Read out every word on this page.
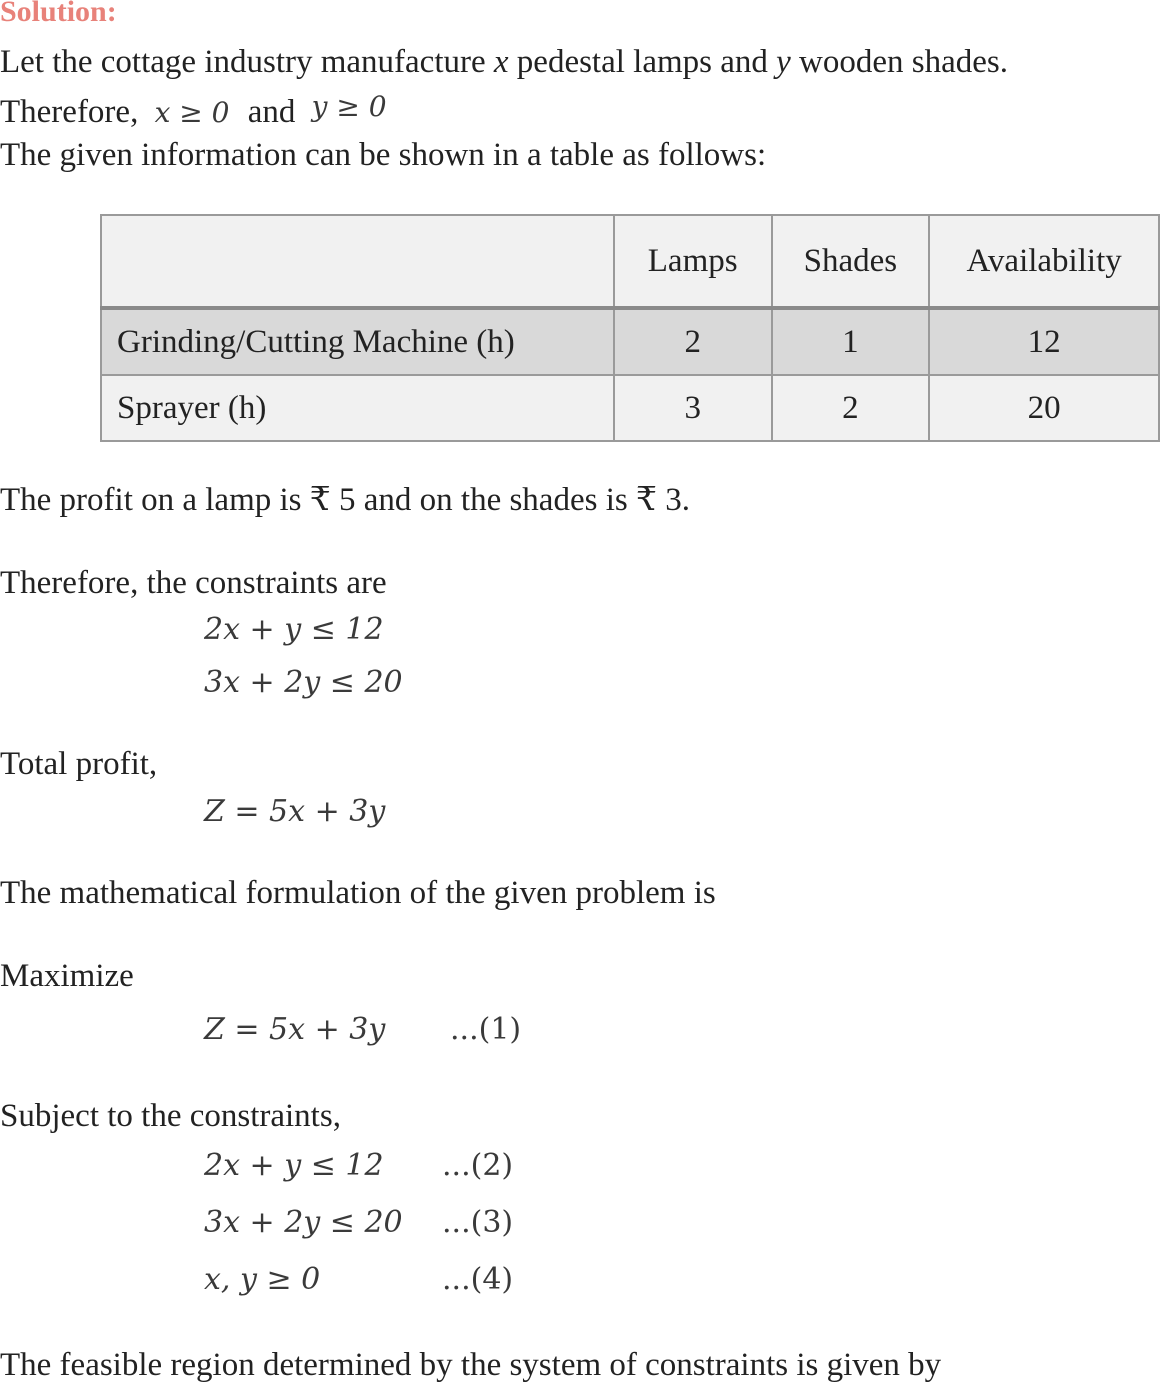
Solution:
Let the cottage industry manufacture x pedestal lamps and y wooden shades.
Therefore, x ≥ 0 and y ≥ 0
The given information can be shown in a table as follows:
	Lamps	Shades	Availability
Grinding/Cutting Machine (h)	2	1	12
Sprayer (h)	3	2	20
The profit on a lamp is ₹ 5 and on the shades is ₹ 3.
Therefore, the constraints are
2x + y ≤ 12
3x + 2y ≤ 20
Total profit,
Z = 5x + 3y
The mathematical formulation of the given problem is
Maximize
Z = 5x + 3y ...(1)
Subject to the constraints,
2x + y ≤ 12 ...(2)
3x + 2y ≤ 20 ...(3)
x, y ≥ 0	...(4)
The feasible region determined by the system of constraints is given by
